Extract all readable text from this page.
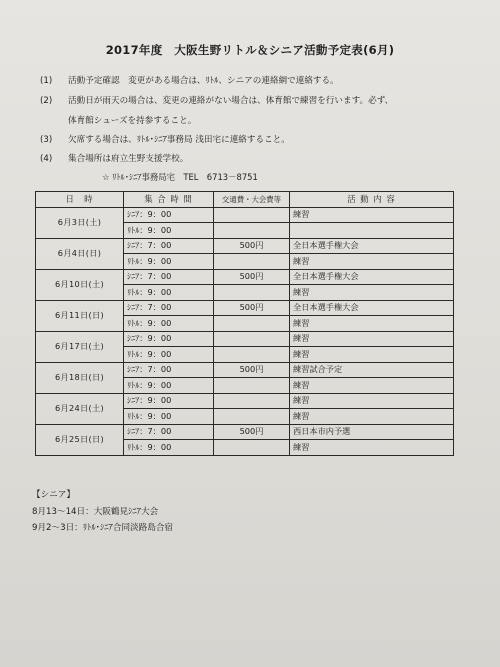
2017年度　大阪生野リトル＆シニア活動予定表(6月)
(1) 活動予定確認　変更がある場合は、ﾘﾄﾙ、シニアの連絡網で連絡する。
(2) 活動日が雨天の場合は、変更の連絡がない場合は、体育館で練習を行います。必ず、
体育館シューズを持参すること。
(3) 欠席する場合は、ﾘﾄﾙ･ｼﾆｱ事務局 浅田宅に連絡すること。
(4) 集合場所は府立生野支援学校。
☆ ﾘﾄﾙ･ｼﾆｱ事務局宅　TEL　6713－8751
日　時	集 合 時 間	交通費・大会費等	活 動 内 容
6月3日(土)	ｼﾆｱ：9：00		練習
	ﾘﾄﾙ：9：00		
6月4日(日)	ｼﾆｱ：7：00	500円	全日本選手権大会
	ﾘﾄﾙ：9：00		練習
6月10日(土)	ｼﾆｱ：7：00	500円	全日本選手権大会
	ﾘﾄﾙ：9：00		練習
6月11日(日)	ｼﾆｱ：7：00	500円	全日本選手権大会
	ﾘﾄﾙ：9：00		練習
6月17日(土)	ｼﾆｱ：9：00		練習
	ﾘﾄﾙ：9：00		練習
6月18日(日)	ｼﾆｱ：7：00	500円	練習試合予定
	ﾘﾄﾙ：9：00		練習
6月24日(土)	ｼﾆｱ：9：00		練習
	ﾘﾄﾙ：9：00		練習
6月25日(日)	ｼﾆｱ：7：00	500円	西日本市内予選
	ﾘﾄﾙ：9：00		練習
【シニア】
8月13～14日：大阪鶴見ｼﾆｱ大会
9月2～3日：ﾘﾄﾙ･ｼﾆｱ合同淡路島合宿
